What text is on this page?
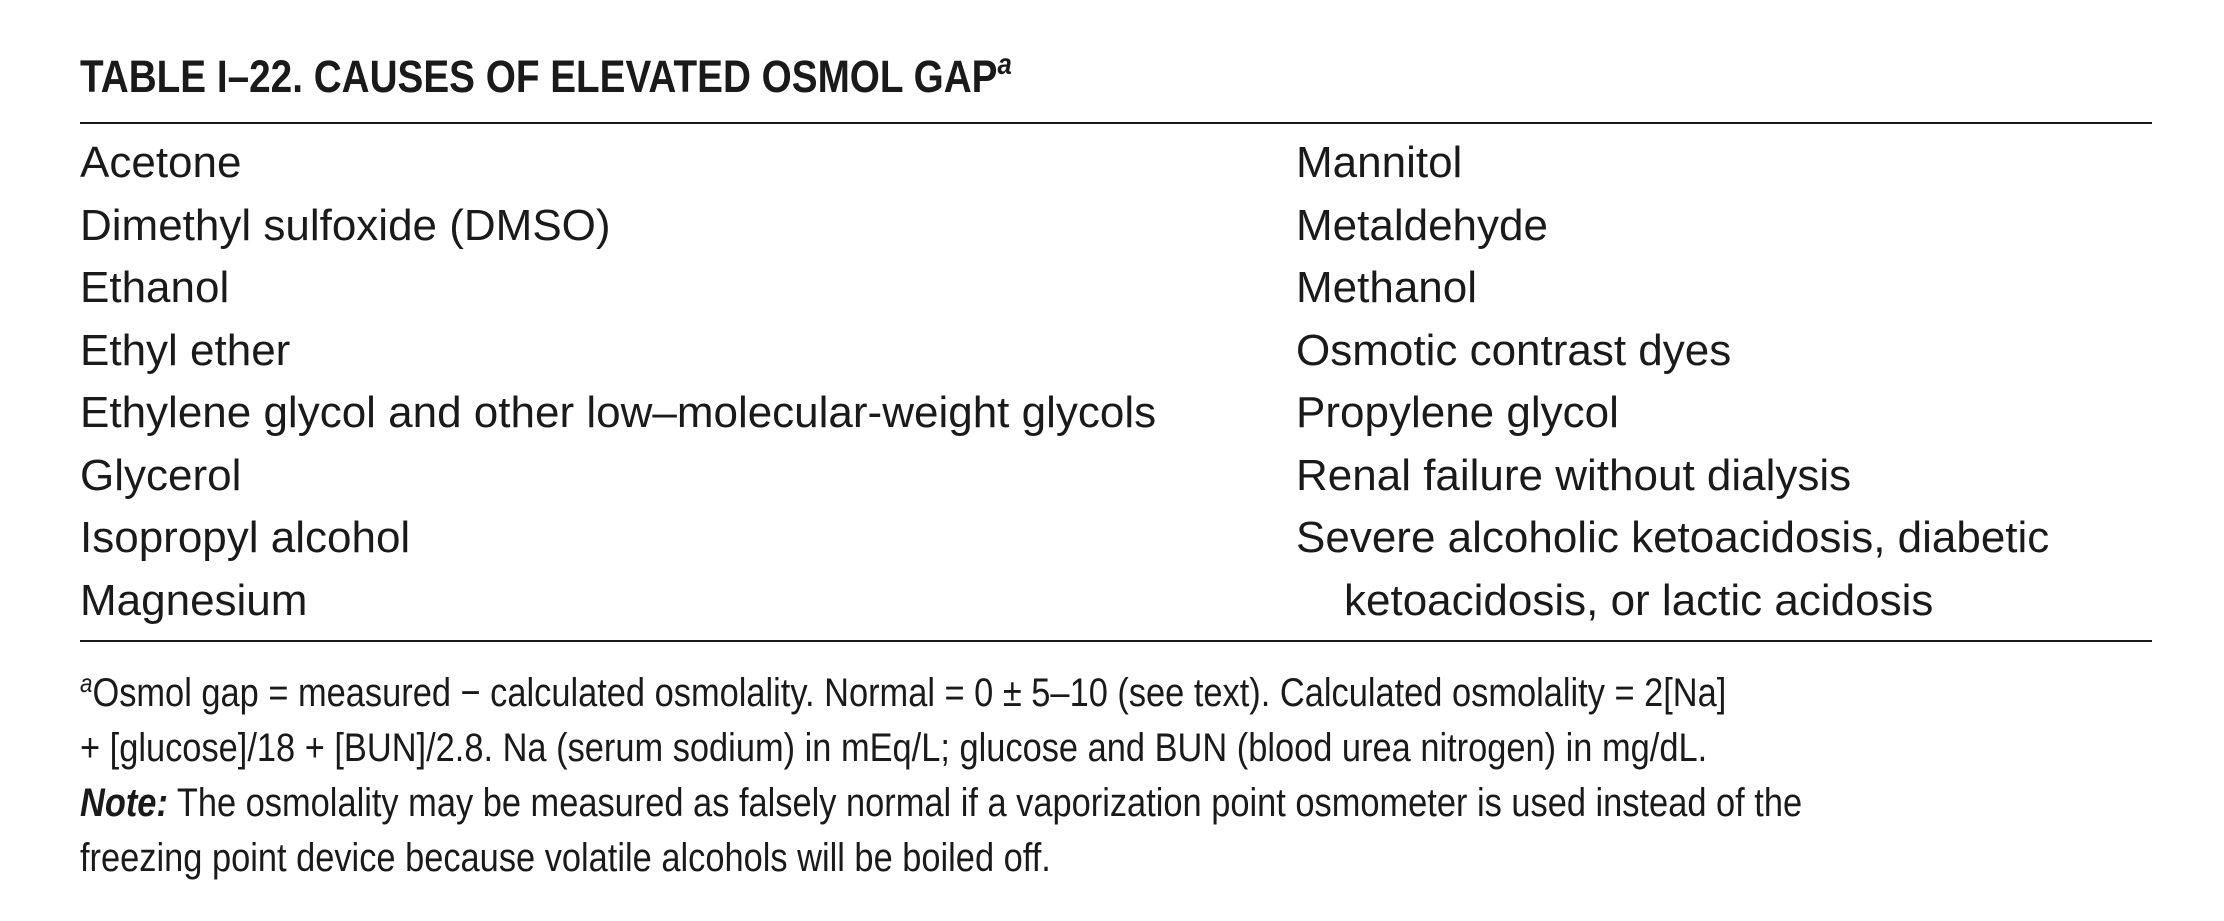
TABLE I–22. CAUSES OF ELEVATED OSMOL GAP$^a$
Acetone
Dimethyl sulfoxide (DMSO)
Ethanol
Ethyl ether
Ethylene glycol and other low–molecular-weight glycols
Glycerol
Isopropyl alcohol
Magnesium
Mannitol
Metaldehyde
Methanol
Osmotic contrast dyes
Propylene glycol
Renal failure without dialysis
Severe alcoholic ketoacidosis, diabetic
ketoacidosis, or lactic acidosis
$^a$Osmol gap = measured − calculated osmolality. Normal = 0 ± 5–10 (see text). Calculated osmolality = 2[Na]
+ [glucose]/18 + [BUN]/2.8. Na (serum sodium) in mEq/L; glucose and BUN (blood urea nitrogen) in mg/dL.
Note: The osmolality may be measured as falsely normal if a vaporization point osmometer is used instead of the
freezing point device because volatile alcohols will be boiled off.
